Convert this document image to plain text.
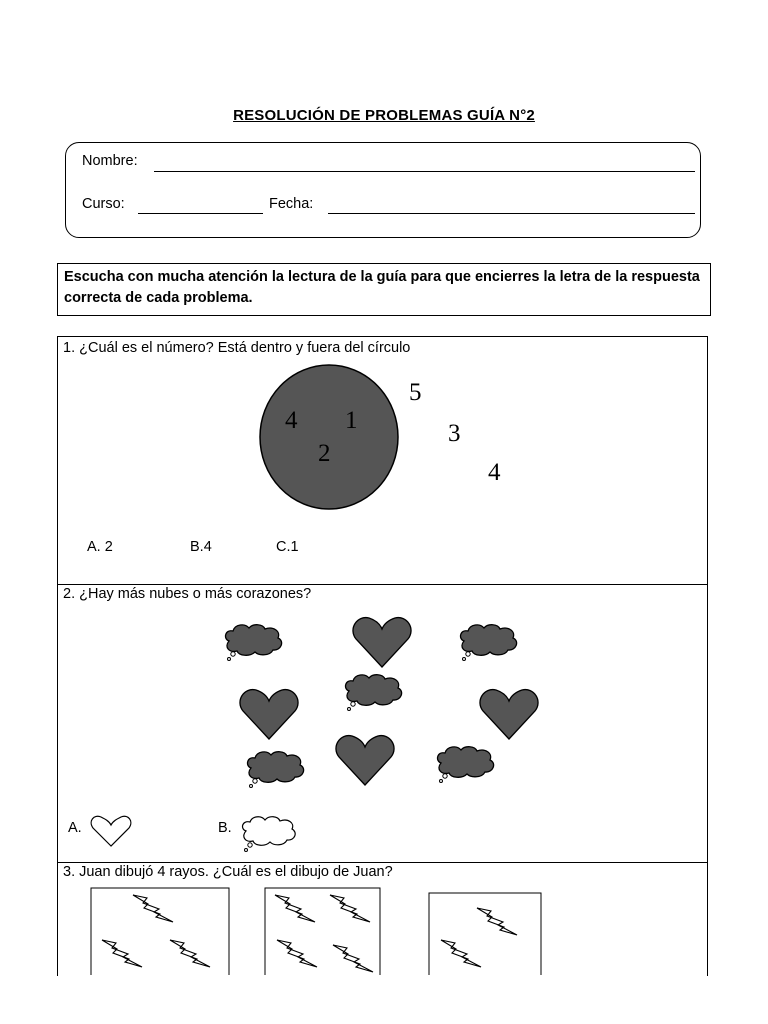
RESOLUCIÓN DE PROBLEMAS GUÍA N°2
Nombre:
Curso:	Fecha:
Escucha con mucha atención la lectura de la guía para que encierres la letra de la respuesta correcta de cada problema.
1. ¿Cuál es el número? Está dentro y fuera del círculo
4 1
2
5
3
4
A. 2	B.4	C.1
2. ¿Hay más nubes o más corazones?
A.	B.
3. Juan dibujó 4 rayos. ¿Cuál es el dibujo de Juan?
